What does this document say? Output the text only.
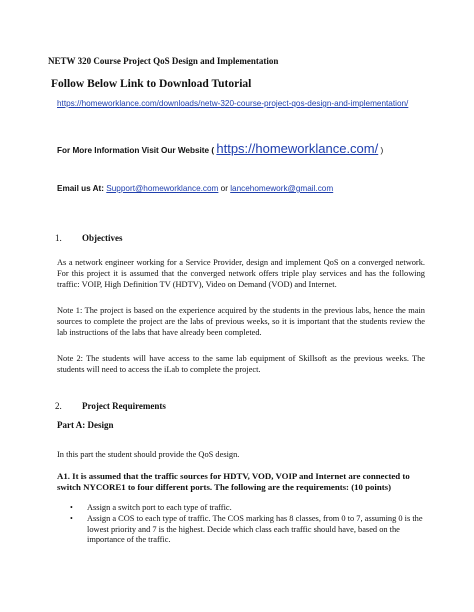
NETW 320 Course Project QoS Design and Implementation
Follow Below Link to Download Tutorial
https://homeworklance.com/downloads/netw-320-course-project-qos-design-and-implementation/
For More Information Visit Our Website ( https://homeworklance.com/ )
Email us At: Support@homeworklance.com or lancehomework@gmail.com
1. Objectives

As a network engineer working for a Service Provider, design and implement QoS on a converged network. For this project it is assumed that the converged network offers triple play services and has the following traffic: VOIP, High Definition TV (HDTV), Video on Demand (VOD) and Internet.

Note 1: The project is based on the experience acquired by the students in the previous labs, hence the main sources to complete the project are the labs of previous weeks, so it is important that the students review the lab instructions of the labs that have already been completed.

Note 2: The students will have access to the same lab equipment of Skillsoft as the previous weeks. The students will need to access the iLab to complete the project.

2. Project Requirements
Part A: Design

In this part the student should provide the QoS design.

A1. It is assumed that the traffic sources for HDTV, VOD, VOIP and Internet are connected to switch NYCORE1 to four different ports. The following are the requirements: (10 points)

• Assign a switch port to each type of traffic.
• Assign a COS to each type of traffic. The COS marking has 8 classes, from 0 to 7, assuming 0 is the lowest priority and 7 is the highest. Decide which class each traffic should have, based on the importance of the traffic.
